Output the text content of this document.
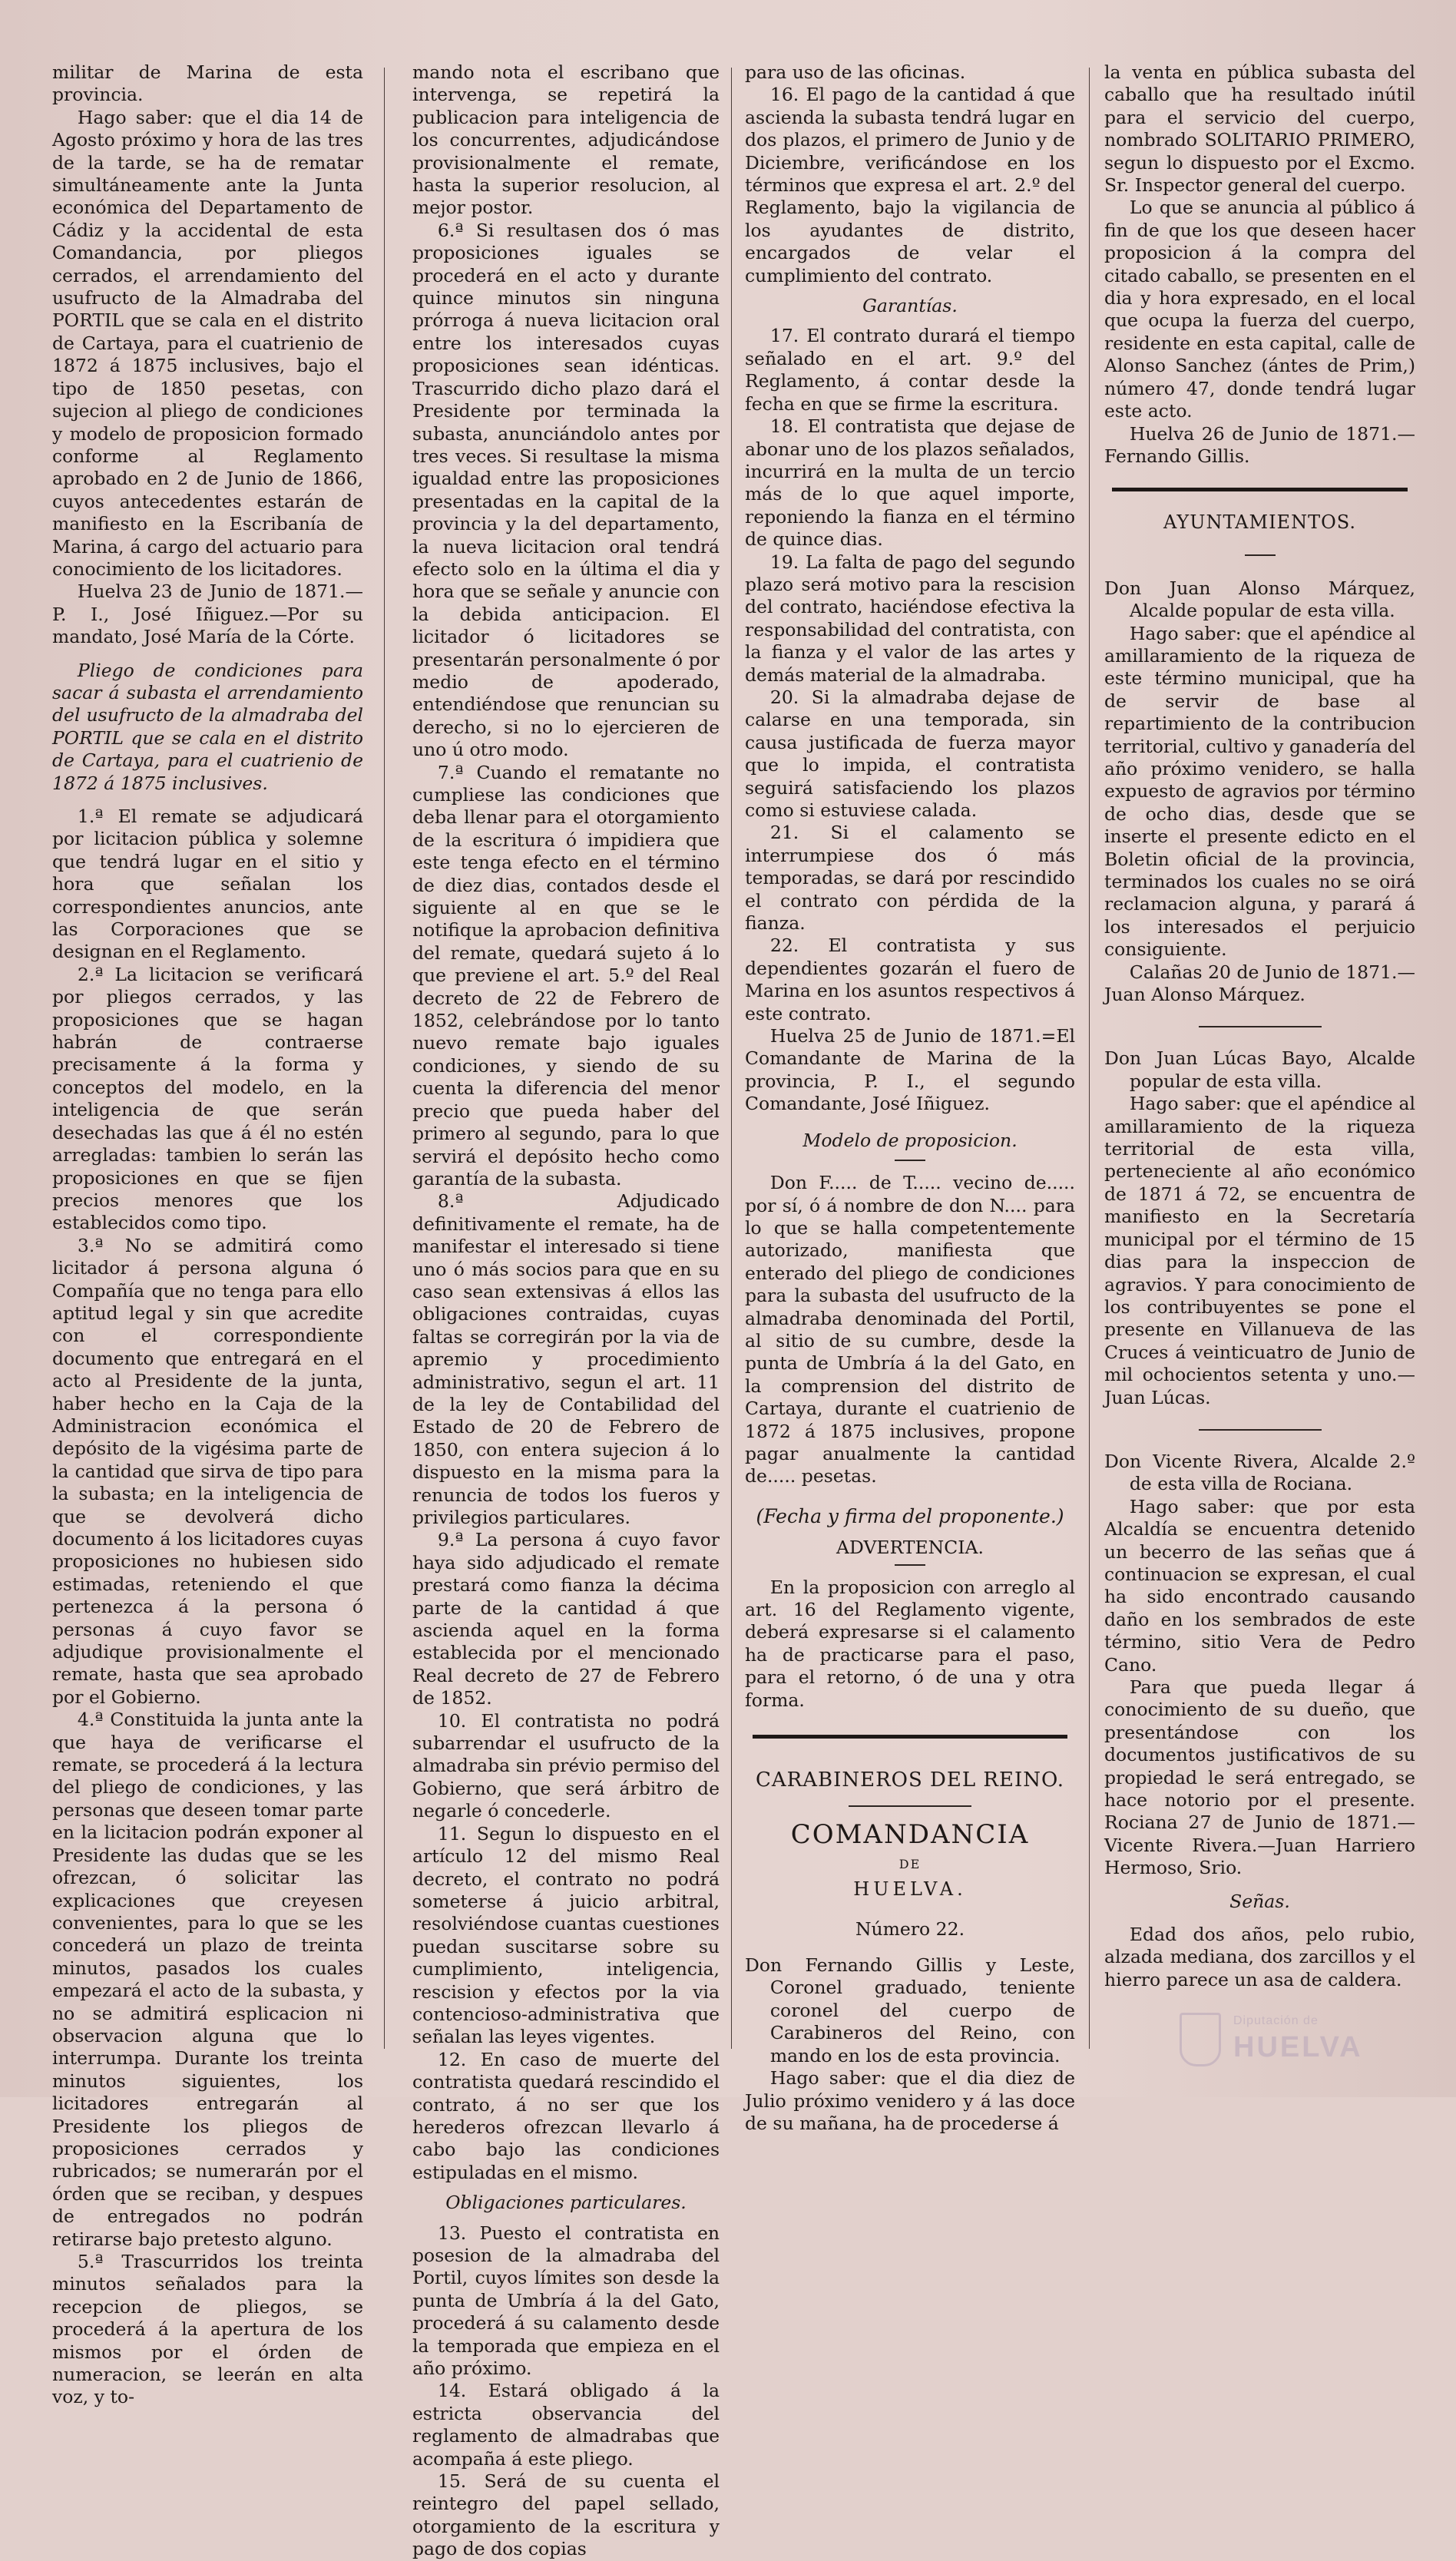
militar de Marina de esta provincia.

Hago saber: que el dia 14 de Agosto próximo y hora de las tres de la tarde, se ha de rematar simultáneamente ante la Junta económica del Departamento de Cádiz y la accidental de esta Comandancia, por pliegos cerrados, el arrendamiento del usufructo de la Almadraba del PORTIL que se cala en el distrito de Cartaya, para el cuatrienio de 1872 á 1875 inclusives, bajo el tipo de 1850 pesetas, con sujecion al pliego de condiciones y modelo de proposicion formado conforme al Reglamento aprobado en 2 de Junio de 1866, cuyos antecedentes estarán de manifiesto en la Escribanía de Marina, á cargo del actuario para conocimiento de los licitadores.

Huelva 23 de Junio de 1871.—P. I., José Iñiguez.—Por su mandato, José María de la Córte.

Pliego de condiciones para sacar á subasta el arrendamiento del usufructo de la almadraba del PORTIL que se cala en el distrito de Cartaya, para el cuatrienio de 1872 á 1875 inclusives.

1.ª El remate se adjudicará por licitacion pública y solemne que tendrá lugar en el sitio y hora que señalan los correspondientes anuncios, ante las Corporaciones que se designan en el Reglamento.

2.ª La licitacion se verificará por pliegos cerrados, y las proposiciones que se hagan habrán de contraerse precisamente á la forma y conceptos del modelo, en la inteligencia de que serán desechadas las que á él no estén arregladas: tambien lo serán las proposiciones en que se fijen precios menores que los establecidos como tipo.

3.ª No se admitirá como licitador á persona alguna ó Compañía que no tenga para ello aptitud legal y sin que acredite con el correspondiente documento que entregará en el acto al Presidente de la junta, haber hecho en la Caja de la Administracion económica el depósito de la vigésima parte de la cantidad que sirva de tipo para la subasta; en la inteligencia de que se devolverá dicho documento á los licitadores cuyas proposiciones no hubiesen sido estimadas, reteniendo el que pertenezca á la persona ó personas á cuyo favor se adjudique provisionalmente el remate, hasta que sea aprobado por el Gobierno.

4.ª Constituida la junta ante la que haya de verificarse el remate, se procederá á la lectura del pliego de condiciones, y las personas que deseen tomar parte en la licitacion podrán exponer al Presidente las dudas que se les ofrezcan, ó solicitar las explicaciones que creyesen convenientes, para lo que se les concederá un plazo de treinta minutos, pasados los cuales empezará el acto de la subasta, y no se admitirá esplicacion ni observacion alguna que lo interrumpa. Durante los treinta minutos siguientes, los licitadores entregarán al Presidente los pliegos de proposiciones cerrados y rubricados; se numerarán por el órden que se reciban, y despues de entregados no podrán retirarse bajo pretesto alguno.

5.ª Trascurridos los treinta minutos señalados para la recepcion de pliegos, se procederá á la apertura de los mismos por el órden de numeracion, se leerán en alta voz, y to-

mando nota el escribano que intervenga, se repetirá la publicacion para inteligencia de los concurrentes, adjudicándose provisionalmente el remate, hasta la superior resolucion, al mejor postor.

6.ª Si resultasen dos ó mas proposiciones iguales se procederá en el acto y durante quince minutos sin ninguna prórroga á nueva licitacion oral entre los interesados cuyas proposiciones sean idénticas. Trascurrido dicho plazo dará el Presidente por terminada la subasta, anunciándolo antes por tres veces. Si resultase la misma igualdad entre las proposiciones presentadas en la capital de la provincia y la del departamento, la nueva licitacion oral tendrá efecto solo en la última el dia y hora que se señale y anuncie con la debida anticipacion. El licitador ó licitadores se presentarán personalmente ó por medio de apoderado, entendiéndose que renuncian su derecho, si no lo ejercieren de uno ú otro modo.

7.ª Cuando el rematante no cumpliese las condiciones que deba llenar para el otorgamiento de la escritura ó impidiera que este tenga efecto en el término de diez dias, contados desde el siguiente al en que se le notifique la aprobacion definitiva del remate, quedará sujeto á lo que previene el art. 5.º del Real decreto de 22 de Febrero de 1852, celebrándose por lo tanto nuevo remate bajo iguales condiciones, y siendo de su cuenta la diferencia del menor precio que pueda haber del primero al segundo, para lo que servirá el depósito hecho como garantía de la subasta.

8.ª Adjudicado definitivamente el remate, ha de manifestar el interesado si tiene uno ó más socios para que en su caso sean extensivas á ellos las obligaciones contraidas, cuyas faltas se corregirán por la via de apremio y procedimiento administrativo, segun el art. 11 de la ley de Contabilidad del Estado de 20 de Febrero de 1850, con entera sujecion á lo dispuesto en la misma para la renuncia de todos los fueros y privilegios particulares.

9.ª La persona á cuyo favor haya sido adjudicado el remate prestará como fianza la décima parte de la cantidad á que ascienda aquel en la forma establecida por el mencionado Real decreto de 27 de Febrero de 1852.

10. El contratista no podrá subarrendar el usufructo de la almadraba sin prévio permiso del Gobierno, que será árbitro de negarle ó concederle.

11. Segun lo dispuesto en el artículo 12 del mismo Real decreto, el contrato no podrá someterse á juicio arbitral, resolviéndose cuantas cuestiones puedan suscitarse sobre su cumplimiento, inteligencia, rescision y efectos por la via contencioso-administrativa que señalan las leyes vigentes.

12. En caso de muerte del contratista quedará rescindido el contrato, á no ser que los herederos ofrezcan llevarlo á cabo bajo las condiciones estipuladas en el mismo.

Obligaciones particulares.

13. Puesto el contratista en posesion de la almadraba del Portil, cuyos límites son desde la punta de Umbría á la del Gato, procederá á su calamento desde la temporada que empieza en el año próximo.

14. Estará obligado á la estricta observancia del reglamento de almadrabas que acompaña á este pliego.

15. Será de su cuenta el reintegro del papel sellado, otorgamiento de la escritura y pago de dos copias

para uso de las oficinas.

16. El pago de la cantidad á que ascienda la subasta tendrá lugar en dos plazos, el primero de Junio y de Diciembre, verificándose en los términos que expresa el art. 2.º del Reglamento, bajo la vigilancia de los ayudantes de distrito, encargados de velar el cumplimiento del contrato.

Garantías.

17. El contrato durará el tiempo señalado en el art. 9.º del Reglamento, á contar desde la fecha en que se firme la escritura.

18. El contratista que dejase de abonar uno de los plazos señalados, incurrirá en la multa de un tercio más de lo que aquel importe, reponiendo la fianza en el término de quince dias.

19. La falta de pago del segundo plazo será motivo para la rescision del contrato, haciéndose efectiva la responsabilidad del contratista, con la fianza y el valor de las artes y demás material de la almadraba.

20. Si la almadraba dejase de calarse en una temporada, sin causa justificada de fuerza mayor que lo impida, el contratista seguirá satisfaciendo los plazos como si estuviese calada.

21. Si el calamento se interrumpiese dos ó más temporadas, se dará por rescindido el contrato con pérdida de la fianza.

22. El contratista y sus dependientes gozarán el fuero de Marina en los asuntos respectivos á este contrato.

Huelva 25 de Junio de 1871.=El Comandante de Marina de la provincia, P. I., el segundo Comandante, José Iñiguez.

Modelo de proposicion.

Don F..... de T..... vecino de..... por sí, ó á nombre de don N.... para lo que se halla competentemente autorizado, manifiesta que enterado del pliego de condiciones para la subasta del usufructo de la almadraba denominada del Portil, al sitio de su cumbre, desde la punta de Umbría á la del Gato, en la comprension del distrito de Cartaya, durante el cuatrienio de 1872 á 1875 inclusives, propone pagar anualmente la cantidad de..... pesetas.

(Fecha y firma del proponente.)
ADVERTENCIA.

En la proposicion con arreglo al art. 16 del Reglamento vigente, deberá expresarse si el calamento ha de practicarse para el paso, para el retorno, ó de una y otra forma.

CARABINEROS DEL REINO.
COMANDANCIA
DE
HUELVA.
Número 22.

Don Fernando Gillis y Leste, Coronel graduado, teniente coronel del cuerpo de Carabineros del Reino, con mando en los de esta provincia.

Hago saber: que el dia diez de Julio próximo venidero y á las doce de su mañana, ha de procederse á

la venta en pública subasta del caballo que ha resultado inútil para el servicio del cuerpo, nombrado SOLITARIO PRIMERO, segun lo dispuesto por el Excmo. Sr. Inspector general del cuerpo.

Lo que se anuncia al público á fin de que los que deseen hacer proposicion á la compra del citado caballo, se presenten en el dia y hora expresado, en el local que ocupa la fuerza del cuerpo, residente en esta capital, calle de Alonso Sanchez (ántes de Prim,) número 47, donde tendrá lugar este acto.

Huelva 26 de Junio de 1871.—Fernando Gillis.

AYUNTAMIENTOS.

Don Juan Alonso Márquez, Alcalde popular de esta villa.

Hago saber: que el apéndice al amillaramiento de la riqueza de este término municipal, que ha de servir de base al repartimiento de la contribucion territorial, cultivo y ganadería del año próximo venidero, se halla expuesto de agravios por término de ocho dias, desde que se inserte el presente edicto en el Boletin oficial de la provincia, terminados los cuales no se oirá reclamacion alguna, y parará á los interesados el perjuicio consiguiente.

Calañas 20 de Junio de 1871.—Juan Alonso Márquez.

Don Juan Lúcas Bayo, Alcalde popular de esta villa.

Hago saber: que el apéndice al amillaramiento de la riqueza territorial de esta villa, perteneciente al año económico de 1871 á 72, se encuentra de manifiesto en la Secretaría municipal por el término de 15 dias para la inspeccion de agravios. Y para conocimiento de los contribuyentes se pone el presente en Villanueva de las Cruces á veinticuatro de Junio de mil ochocientos setenta y uno.—Juan Lúcas.

Don Vicente Rivera, Alcalde 2.º de esta villa de Rociana.

Hago saber: que por esta Alcaldía se encuentra detenido un becerro de las señas que á continuacion se expresan, el cual ha sido encontrado causando daño en los sembrados de este término, sitio Vera de Pedro Cano.

Para que pueda llegar á conocimiento de su dueño, que presentándose con los documentos justificativos de su propiedad le será entregado, se hace notorio por el presente. Rociana 27 de Junio de 1871.—Vicente Rivera.—Juan Harriero Hermoso, Srio.

Señas.

Edad dos años, pelo rubio, alzada mediana, dos zarcillos y el hierro parece un asa de caldera.

Diputación de
HUELVA
